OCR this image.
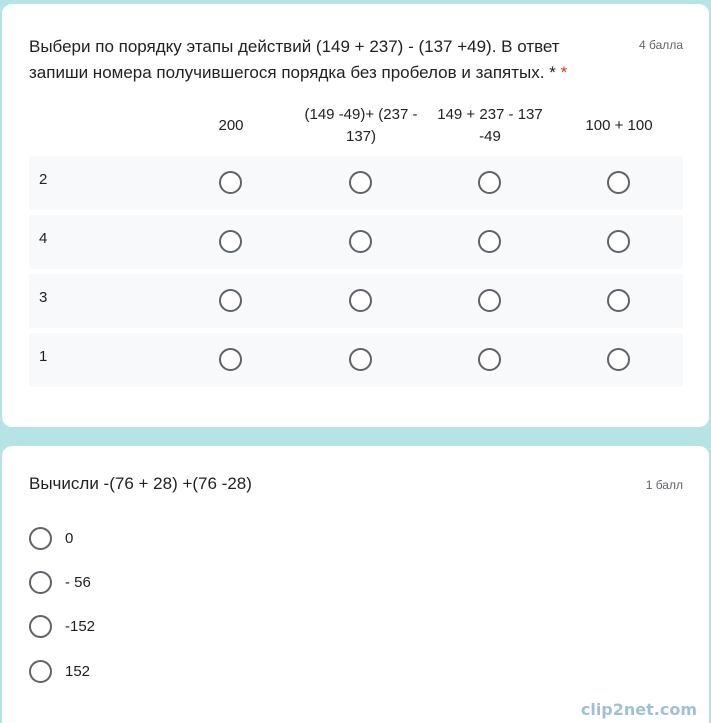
Выбери по порядку этапы действий (149 + 237) - (137 +49). В ответ запиши номера получившегося порядка без пробелов и запятых. * *
4 балла
200
(149 -49)+ (237 - 137)
149 + 237 - 137 -49
100 + 100
2
4
3
1
Вычисли -(76 + 28) +(76 -28)	1 балл
0
- 56
-152
152
clip2net.com
